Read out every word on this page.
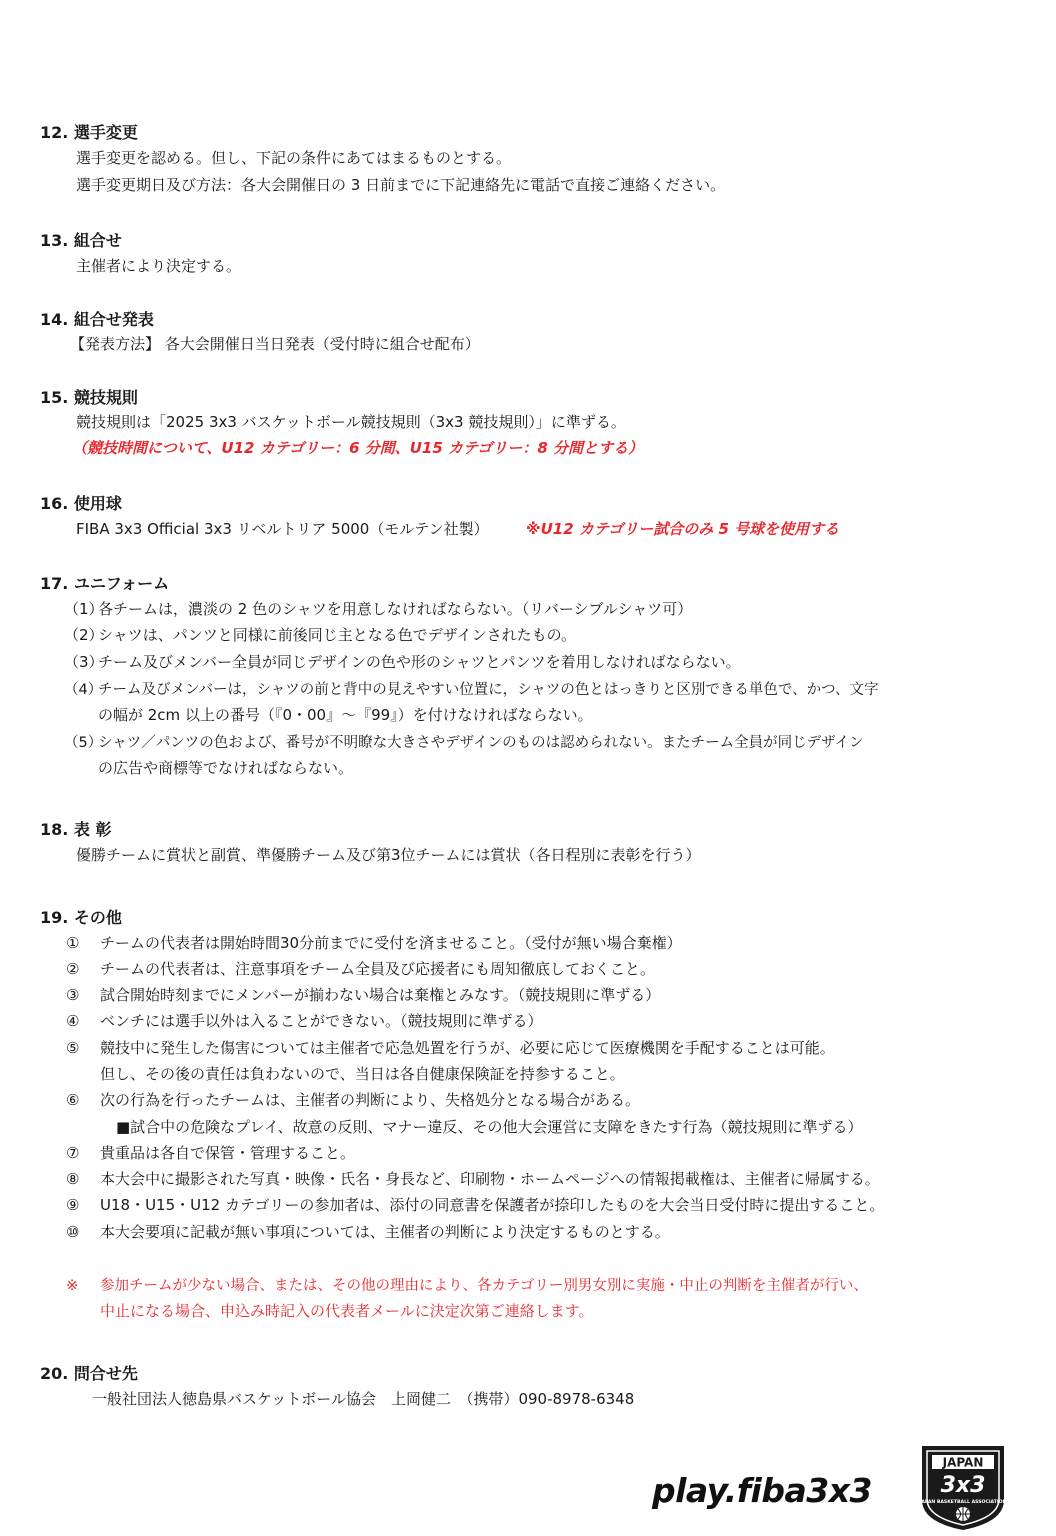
12. 選手変更
選手変更を認める。但し、下記の条件にあてはまるものとする。
選手変更期日及び方法：各大会開催日の 3 日前までに下記連絡先に電話で直接ご連絡ください。
13. 組合せ
主催者により決定する。
14. 組合せ発表
【発表方法】 各大会開催日当日発表（受付時に組合せ配布）
15. 競技規則
競技規則は「2025 3x3 バスケットボール競技規則（3x3 競技規則）」に準ずる。
（競技時間について、U12 カテゴリー：6 分間、U15 カテゴリー：8 分間とする）
16. 使用球
FIBA 3x3 Official 3x3 リベルトリア 5000（モルテン社製） ※U12 カテゴリー試合のみ 5 号球を使用する
17. ユニフォーム
（1）各チームは，濃淡の 2 色のシャツを用意しなければならない。（リバーシブルシャツ可）
（2）シャツは、パンツと同様に前後同じ主となる色でデザインされたもの。
（3）チーム及びメンバー全員が同じデザインの色や形のシャツとパンツを着用しなければならない。
（4）チーム及びメンバーは，シャツの前と背中の見えやすい位置に，シャツの色とはっきりと区別できる単色で、かつ、文字
の幅が 2cm 以上の番号（『0・00』～『99』）を付けなければならない。
（5）シャツ／パンツの色および、番号が不明瞭な大きさやデザインのものは認められない。またチーム全員が同じデザイン
の広告や商標等でなければならない。
18. 表 彰
優勝チームに賞状と副賞、準優勝チーム及び第3位チームには賞状（各日程別に表彰を行う）
19. その他
① チームの代表者は開始時間30分前までに受付を済ませること。（受付が無い場合棄権）
② チームの代表者は、注意事項をチーム全員及び応援者にも周知徹底しておくこと。
③ 試合開始時刻までにメンバーが揃わない場合は棄権とみなす。（競技規則に準ずる）
④ ベンチには選手以外は入ることができない。（競技規則に準ずる）
⑤ 競技中に発生した傷害については主催者で応急処置を行うが、必要に応じて医療機関を手配することは可能。
但し、その後の責任は負わないので、当日は各自健康保険証を持参すること。
⑥ 次の行為を行ったチームは、主催者の判断により、失格処分となる場合がある。
■試合中の危険なプレイ、故意の反則、マナー違反、その他大会運営に支障をきたす行為（競技規則に準ずる）
⑦ 貴重品は各自で保管・管理すること。
⑧ 本大会中に撮影された写真・映像・氏名・身長など、印刷物・ホームページへの情報掲載権は、主催者に帰属する。
⑨ U18・U15・U12 カテゴリーの参加者は、添付の同意書を保護者が捺印したものを大会当日受付時に提出すること。
⑩ 本大会要項に記載が無い事項については、主催者の判断により決定するものとする。
※ 参加チームが少ない場合、または、その他の理由により、各カテゴリー別男女別に実施・中止の判断を主催者が行い、
中止になる場合、申込み時記入の代表者メールに決定次第ご連絡します。
20. 問合せ先
一般社団法人徳島県バスケットボール協会　上岡健二　（携帯）090-8978-6348
play.fiba3x3
JAPAN
3x3
JAPAN BASKETBALL ASSOCIATION
